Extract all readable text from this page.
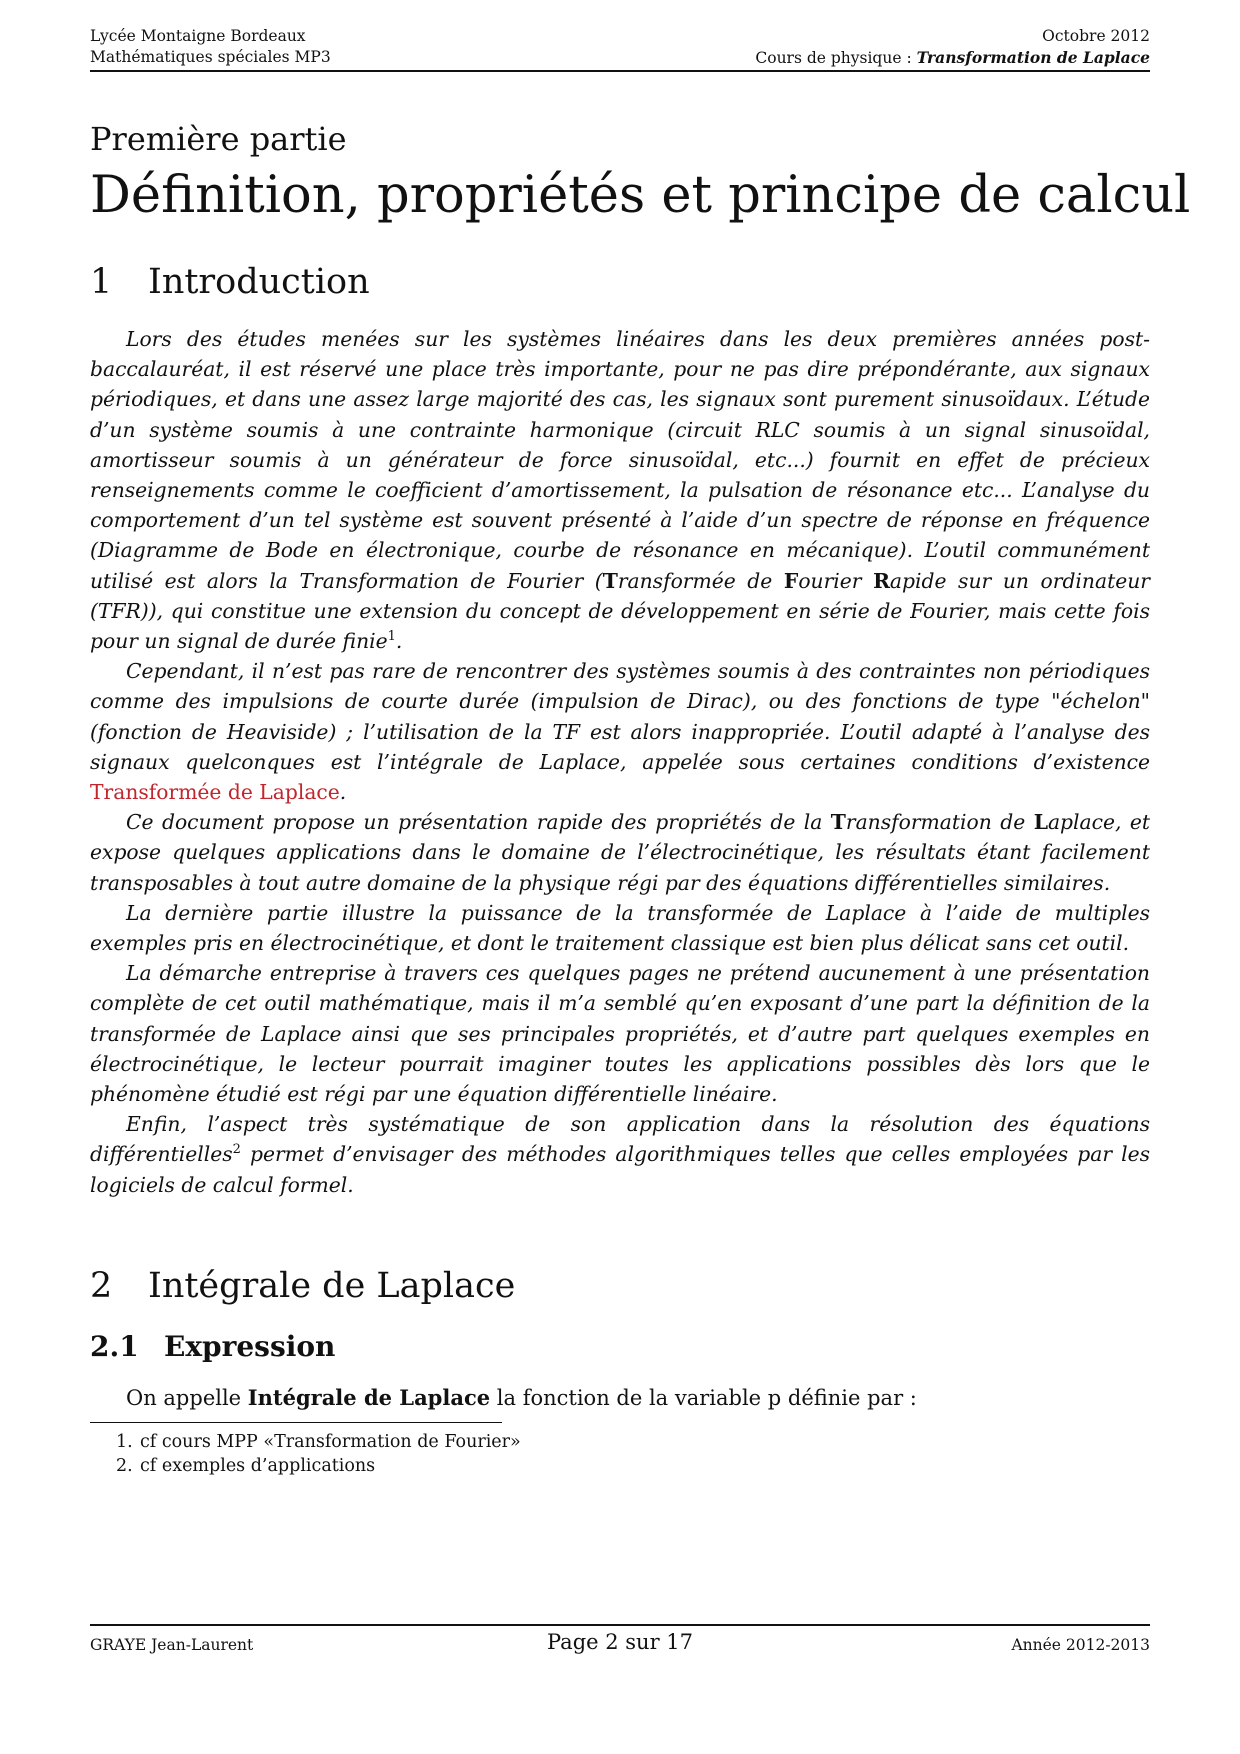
Lycée Montaigne Bordeaux
Mathématiques spéciales MP3
Octobre 2012
Cours de physique : Transformation de Laplace
Première partie
Définition, propriétés et principe de calcul
1 Introduction

Lors des études menées sur les systèmes linéaires dans les deux premières années post-baccalauréat, il est réservé une place très importante, pour ne pas dire prépondérante, aux signaux périodiques, et dans une assez large majorité des cas, les signaux sont purement sinusoïdaux. L’étude d’un système soumis à une contrainte harmonique (circuit RLC soumis à un signal sinusoïdal, amortisseur soumis à un générateur de force sinusoïdal, etc...) fournit en effet de précieux renseignements comme le coefficient d’amortissement, la pulsation de résonance etc... L’analyse du comportement d’un tel système est souvent présenté à l’aide d’un spectre de réponse en fréquence (Diagramme de Bode en électronique, courbe de résonance en mécanique). L’outil communément utilisé est alors la Transformation de Fourier (Transformée de Fourier Rapide sur un ordinateur (TFR)), qui constitue une extension du concept de développement en série de Fourier, mais cette fois pour un signal de durée finie$^1$.

Cependant, il n’est pas rare de rencontrer des systèmes soumis à des contraintes non périodiques comme des impulsions de courte durée (impulsion de Dirac), ou des fonctions de type "échelon" (fonction de Heaviside) ; l’utilisation de la TF est alors inappropriée. L’outil adapté à l’analyse des signaux quelconques est l’intégrale de Laplace, appelée sous certaines conditions d’existence Transformée de Laplace.

Ce document propose un présentation rapide des propriétés de la Transformation de Laplace, et expose quelques applications dans le domaine de l’électrocinétique, les résultats étant facilement transposables à tout autre domaine de la physique régi par des équations différentielles similaires.

La dernière partie illustre la puissance de la transformée de Laplace à l’aide de multiples exemples pris en électrocinétique, et dont le traitement classique est bien plus délicat sans cet outil.

La démarche entreprise à travers ces quelques pages ne prétend aucunement à une présentation complète de cet outil mathématique, mais il m’a semblé qu’en exposant d’une part la définition de la transformée de Laplace ainsi que ses principales propriétés, et d’autre part quelques exemples en électrocinétique, le lecteur pourrait imaginer toutes les applications possibles dès lors que le phénomène étudié est régi par une équation différentielle linéaire.

Enfin, l’aspect très systématique de son application dans la résolution des équations différentielles$^2$ permet d’envisager des méthodes algorithmiques telles que celles employées par les logiciels de calcul formel.

2 Intégrale de Laplace
2.1 Expression
On appelle Intégrale de Laplace la fonction de la variable p définie par :
1. cf cours MPP «Transformation de Fourier»
2. cf exemples d’applications
GRAYE Jean-Laurent	Page 2 sur 17	Année 2012-2013
